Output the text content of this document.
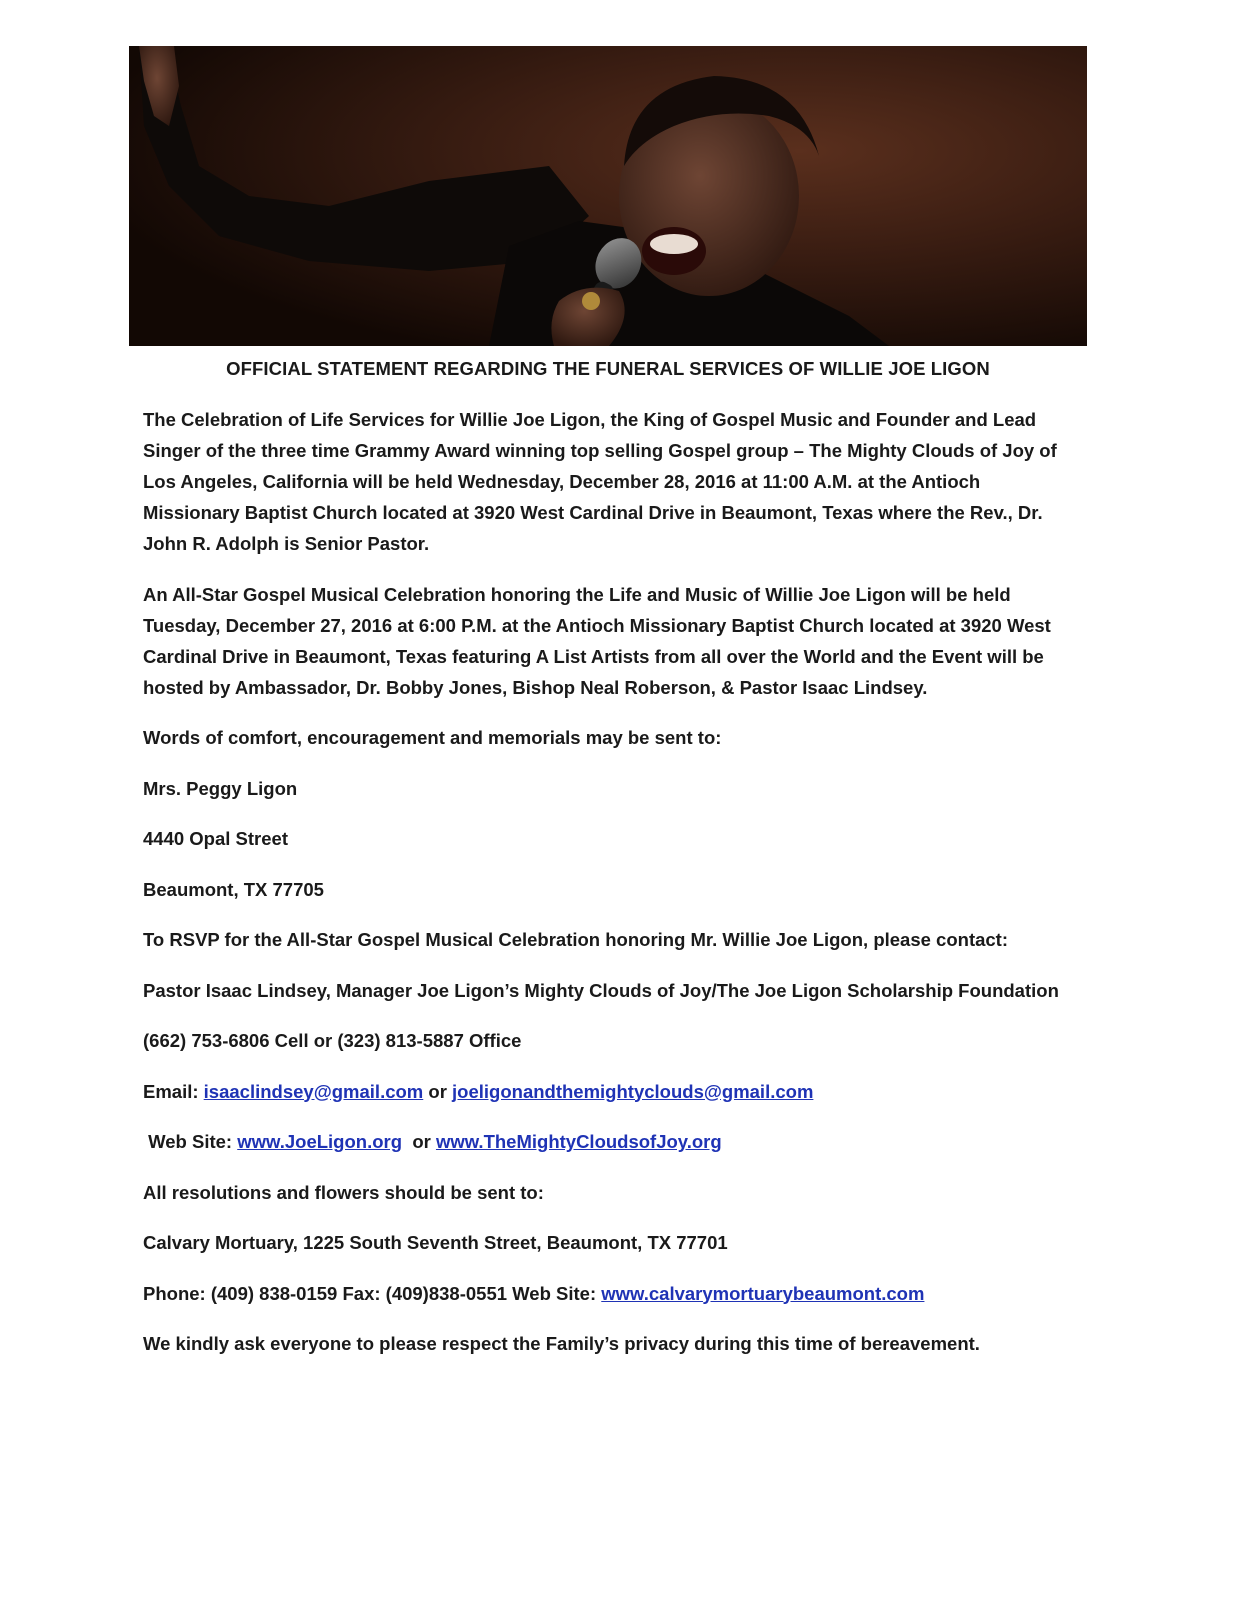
OFFICIAL STATEMENT REGARDING THE FUNERAL SERVICES OF WILLIE JOE LIGON

The Celebration of Life Services for Willie Joe Ligon, the King of Gospel Music and Founder and Lead Singer of the three time Grammy Award winning top selling Gospel group – The Mighty Clouds of Joy of Los Angeles, California will be held Wednesday, December 28, 2016 at 11:00 A.M. at the Antioch Missionary Baptist Church located at 3920 West Cardinal Drive in Beaumont, Texas where the Rev., Dr. John R. Adolph is Senior Pastor.

An All-Star Gospel Musical Celebration honoring the Life and Music of Willie Joe Ligon will be held Tuesday, December 27, 2016 at 6:00 P.M. at the Antioch Missionary Baptist Church located at 3920 West Cardinal Drive in Beaumont, Texas featuring A List Artists from all over the World and the Event will be hosted by Ambassador, Dr. Bobby Jones, Bishop Neal Roberson, & Pastor Isaac Lindsey.

Words of comfort, encouragement and memorials may be sent to:

Mrs. Peggy Ligon

4440 Opal Street

Beaumont, TX 77705

To RSVP for the All-Star Gospel Musical Celebration honoring Mr. Willie Joe Ligon, please contact:

Pastor Isaac Lindsey, Manager Joe Ligon’s Mighty Clouds of Joy/The Joe Ligon Scholarship Foundation

(662) 753-6806 Cell or (323) 813-5887 Office

Email: isaaclindsey@gmail.com or joeligonandthemightyclouds@gmail.com

Web Site: www.JoeLigon.org or www.TheMightyCloudsofJoy.org

All resolutions and flowers should be sent to:

Calvary Mortuary, 1225 South Seventh Street, Beaumont, TX 77701

Phone: (409) 838-0159 Fax: (409)838-0551 Web Site: www.calvarymortuarybeaumont.com

We kindly ask everyone to please respect the Family’s privacy during this time of bereavement.
